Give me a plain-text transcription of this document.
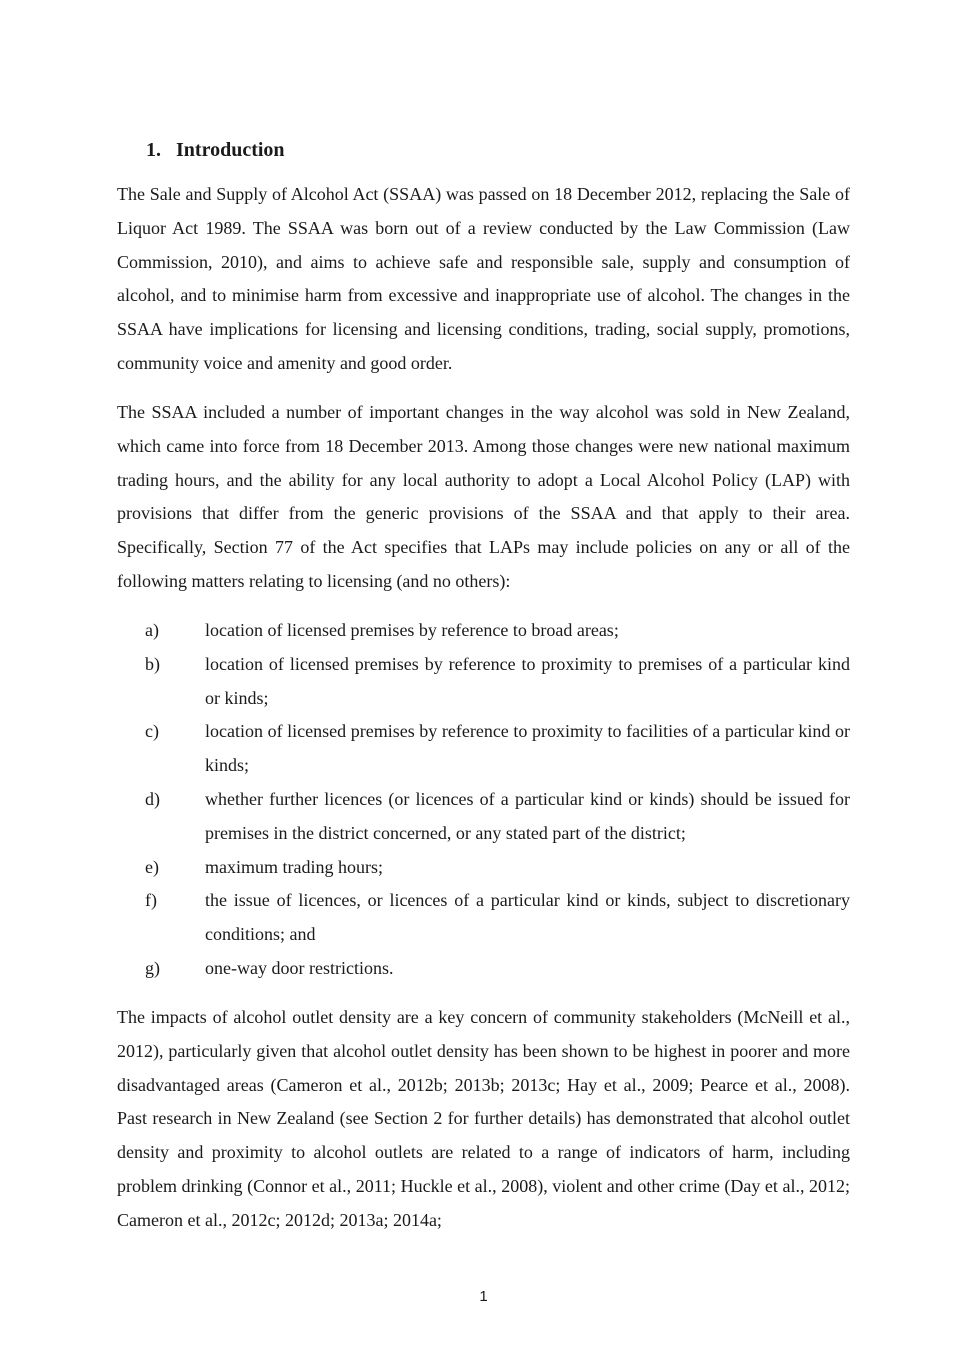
1. Introduction

The Sale and Supply of Alcohol Act (SSAA) was passed on 18 December 2012, replacing the Sale of Liquor Act 1989. The SSAA was born out of a review conducted by the Law Commission (Law Commission, 2010), and aims to achieve safe and responsible sale, supply and consumption of alcohol, and to minimise harm from excessive and inappropriate use of alcohol. The changes in the SSAA have implications for licensing and licensing conditions, trading, social supply, promotions, community voice and amenity and good order.

The SSAA included a number of important changes in the way alcohol was sold in New Zealand, which came into force from 18 December 2013. Among those changes were new national maximum trading hours, and the ability for any local authority to adopt a Local Alcohol Policy (LAP) with provisions that differ from the generic provisions of the SSAA and that apply to their area. Specifically, Section 77 of the Act specifies that LAPs may include policies on any or all of the following matters relating to licensing (and no others):

a)	location of licensed premises by reference to broad areas;
b)	location of licensed premises by reference to proximity to premises of a particular kind or kinds;
c)	location of licensed premises by reference to proximity to facilities of a particular kind or kinds;
d)	whether further licences (or licences of a particular kind or kinds) should be issued for premises in the district concerned, or any stated part of the district;
e)	maximum trading hours;
f)	the issue of licences, or licences of a particular kind or kinds, subject to discretionary conditions; and
g)	one-way door restrictions.

The impacts of alcohol outlet density are a key concern of community stakeholders (McNeill et al., 2012), particularly given that alcohol outlet density has been shown to be highest in poorer and more disadvantaged areas (Cameron et al., 2012b; 2013b; 2013c; Hay et al., 2009; Pearce et al., 2008). Past research in New Zealand (see Section 2 for further details) has demonstrated that alcohol outlet density and proximity to alcohol outlets are related to a range of indicators of harm, including problem drinking (Connor et al., 2011; Huckle et al., 2008), violent and other crime (Day et al., 2012; Cameron et al., 2012c; 2012d; 2013a; 2014a;

1
